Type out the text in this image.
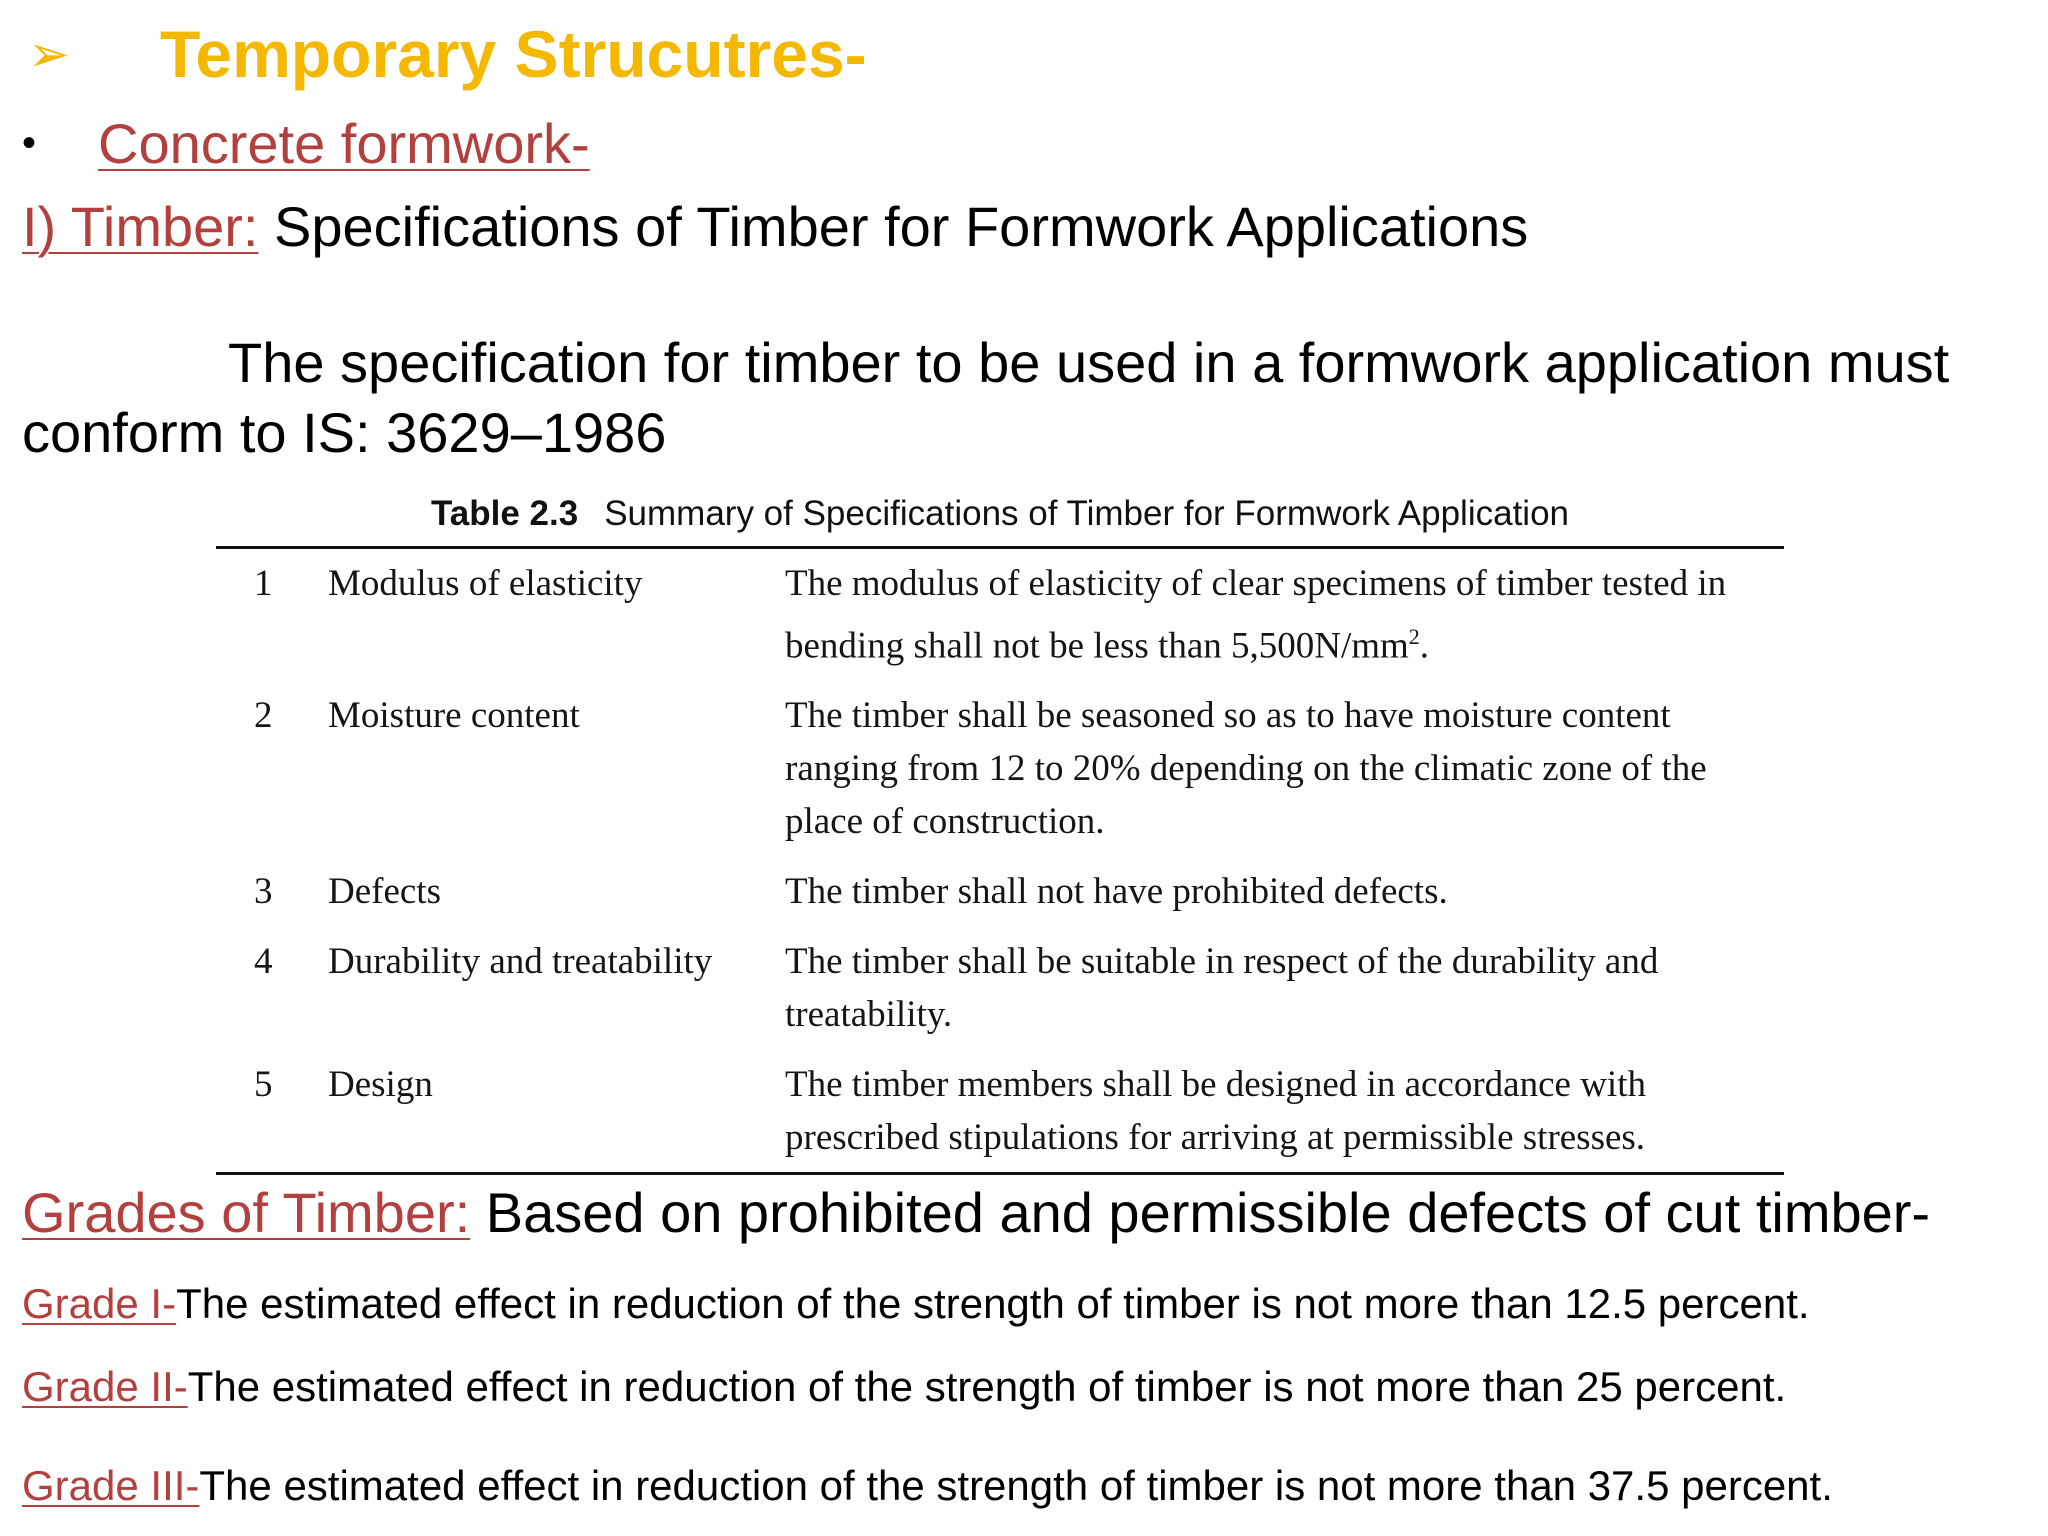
➢	Temporary Strucutres-
•	Concrete formwork-
I) Timber: Specifications of Timber for Formwork Applications
The specification for timber to be used in a formwork application must
conform to IS: 3629–1986
Table 2.3 Summary of Specifications of Timber for Formwork Application
1	Modulus of elasticity	The modulus of elasticity of clear specimens of timber tested in bending shall not be less than $5,500N/mm^2$.
2	Moisture content	The timber shall be seasoned so as to have moisture content ranging from 12 to 20% depending on the climatic zone of the place of construction.
3	Defects	The timber shall not have prohibited defects.
4	Durability and treatability	The timber shall be suitable in respect of the durability and treatability.
5	Design	The timber members shall be designed in accordance with prescribed stipulations for arriving at permissible stresses.
Grades of Timber: Based on prohibited and permissible defects of cut timber-
Grade I-The estimated effect in reduction of the strength of timber is not more than 12.5 percent.
Grade II-The estimated effect in reduction of the strength of timber is not more than 25 percent.
Grade III-The estimated effect in reduction of the strength of timber is not more than 37.5 percent.
